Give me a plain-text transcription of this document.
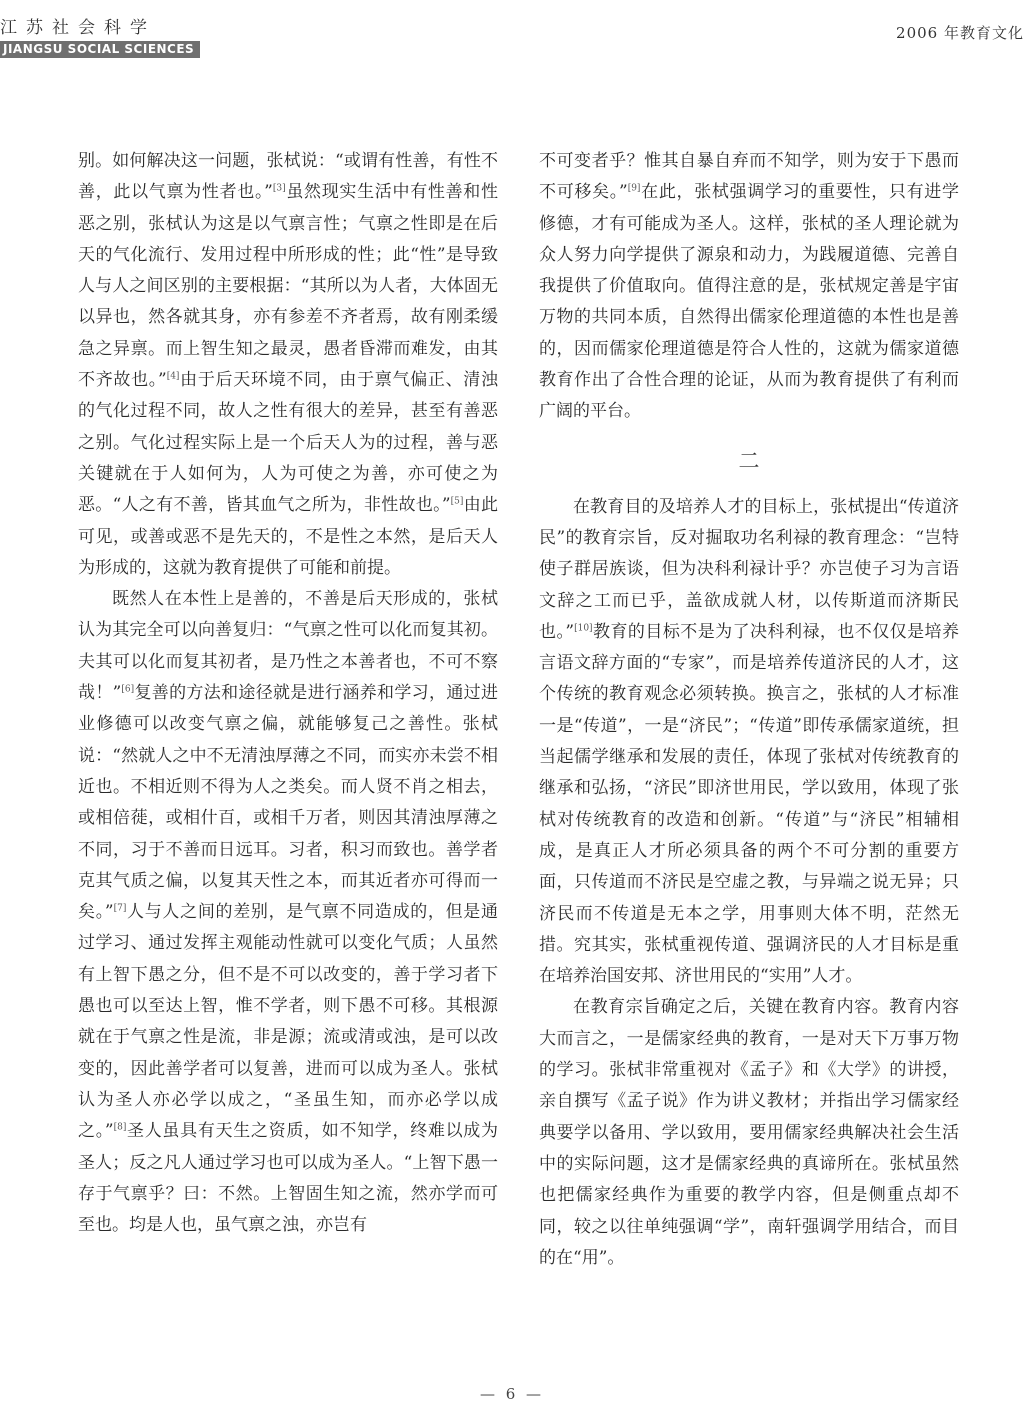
江苏社会科学
JIANGSU SOCIAL SCIENCES
2006 年教育文化

别。如何解决这一问题，张栻说：“或谓有性善，有性不善，此以气禀为性者也。”[3]虽然现实生活中有性善和性恶之别，张栻认为这是以气禀言性；气禀之性即是在后天的气化流行、发用过程中所形成的性；此“性”是导致人与人之间区别的主要根据：“其所以为人者，大体固无以异也，然各就其身，亦有参差不齐者焉，故有刚柔缓急之异禀。而上智生知之最灵，愚者昏滞而难发，由其不齐故也。”[4]由于后天环境不同，由于禀气偏正、清浊的气化过程不同，故人之性有很大的差异，甚至有善恶之别。气化过程实际上是一个后天人为的过程，善与恶关键就在于人如何为，人为可使之为善，亦可使之为恶。“人之有不善，皆其血气之所为，非性故也。”[5]由此可见，或善或恶不是先天的，不是性之本然，是后天人为形成的，这就为教育提供了可能和前提。

既然人在本性上是善的，不善是后天形成的，张栻认为其完全可以向善复归：“气禀之性可以化而复其初。夫其可以化而复其初者，是乃性之本善者也，不可不察哉！”[6]复善的方法和途径就是进行涵养和学习，通过进业修德可以改变气禀之偏，就能够复己之善性。张栻说：“然就人之中不无清浊厚薄之不同，而实亦未尝不相近也。不相近则不得为人之类矣。而人贤不肖之相去，或相倍蓰，或相什百，或相千万者，则因其清浊厚薄之不同，习于不善而日远耳。习者，积习而致也。善学者克其气质之偏，以复其天性之本，而其近者亦可得而一矣。”[7]人与人之间的差别，是气禀不同造成的，但是通过学习、通过发挥主观能动性就可以变化气质；人虽然有上智下愚之分，但不是不可以改变的，善于学习者下愚也可以至达上智，惟不学者，则下愚不可移。其根源就在于气禀之性是流，非是源；流或清或浊，是可以改变的，因此善学者可以复善，进而可以成为圣人。张栻认为圣人亦必学以成之，“圣虽生知，而亦必学以成之。”[8]圣人虽具有天生之资质，如不知学，终难以成为圣人；反之凡人通过学习也可以成为圣人。“上智下愚一存于气禀乎？曰：不然。上智固生知之流，然亦学而可至也。均是人也，虽气禀之浊，亦岂有

不可变者乎？惟其自暴自弃而不知学，则为安于下愚而不可移矣。”[9]在此，张栻强调学习的重要性，只有进学修德，才有可能成为圣人。这样，张栻的圣人理论就为众人努力向学提供了源泉和动力，为践履道德、完善自我提供了价值取向。值得注意的是，张栻规定善是宇宙万物的共同本质，自然得出儒家伦理道德的本性也是善的，因而儒家伦理道德是符合人性的，这就为儒家道德教育作出了合性合理的论证，从而为教育提供了有利而广阔的平台。

二

在教育目的及培养人才的目标上，张栻提出“传道济民”的教育宗旨，反对掘取功名利禄的教育理念：“岂特使子群居族谈，但为决科利禄计乎？亦岂使子习为言语文辞之工而已乎，盖欲成就人材，以传斯道而济斯民也。”[10]教育的目标不是为了决科利禄，也不仅仅是培养言语文辞方面的“专家”，而是培养传道济民的人才，这个传统的教育观念必须转换。换言之，张栻的人才标准一是“传道”，一是“济民”；“传道”即传承儒家道统，担当起儒学继承和发展的责任，体现了张栻对传统教育的继承和弘扬，“济民”即济世用民，学以致用，体现了张栻对传统教育的改造和创新。“传道”与“济民”相辅相成，是真正人才所必须具备的两个不可分割的重要方面，只传道而不济民是空虚之教，与异端之说无异；只济民而不传道是无本之学，用事则大体不明，茫然无措。究其实，张栻重视传道、强调济民的人才目标是重在培养治国安邦、济世用民的“实用”人才。

在教育宗旨确定之后，关键在教育内容。教育内容大而言之，一是儒家经典的教育，一是对天下万事万物的学习。张栻非常重视对《孟子》和《大学》的讲授，亲自撰写《孟子说》作为讲义教材；并指出学习儒家经典要学以备用、学以致用，要用儒家经典解决社会生活中的实际问题，这才是儒家经典的真谛所在。张栻虽然也把儒家经典作为重要的教学内容，但是侧重点却不同，较之以往单纯强调“学”，南轩强调学用结合，而目的在“用”。

— 6 —
